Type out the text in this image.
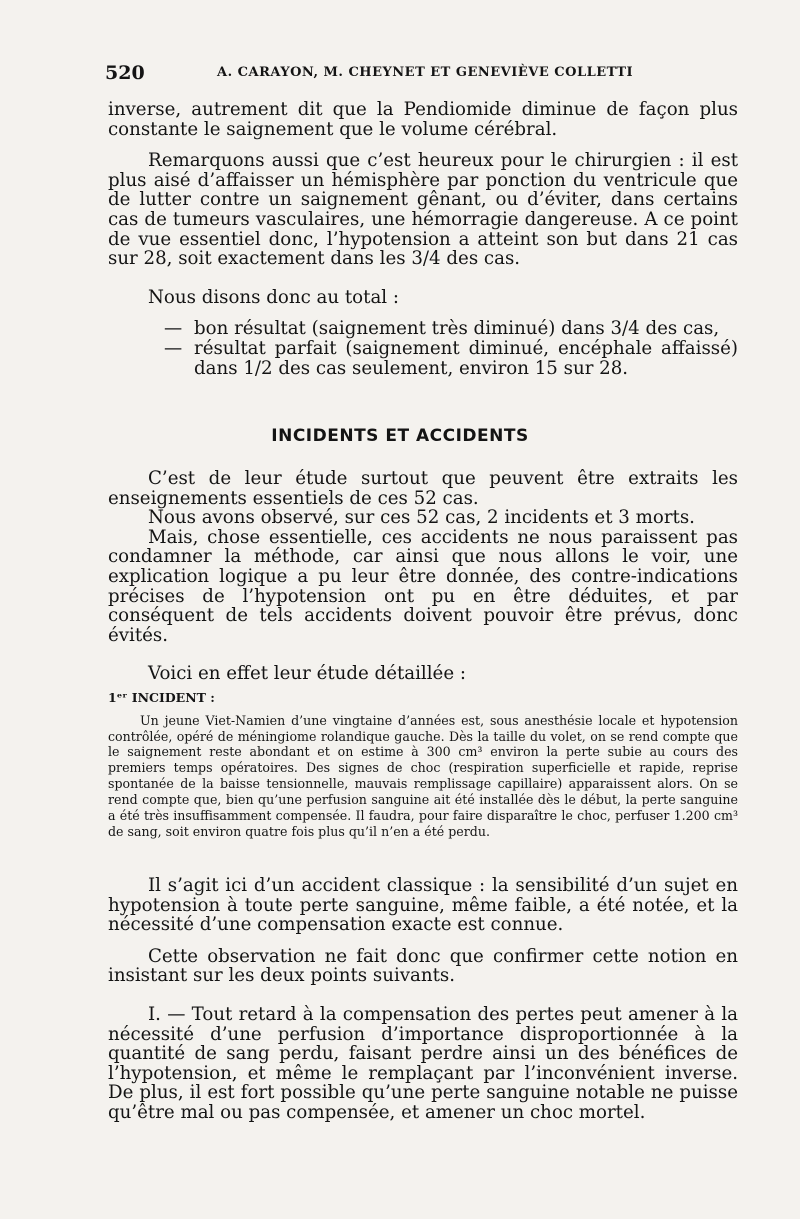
520	A. CARAYON, M. CHEYNET ET GENEVIÈVE COLLETTI

inverse, autrement dit que la Pendiomide diminue de façon plus constante le saignement que le volume cérébral.

Remarquons aussi que c’est heureux pour le chirurgien : il est plus aisé d’affaisser un hémisphère par ponction du ventricule que de lutter contre un saignement gênant, ou d’éviter, dans certains cas de tumeurs vasculaires, une hémorragie dangereuse. A ce point de vue essentiel donc, l’hypotension a atteint son but dans 21 cas sur 28, soit exactement dans les 3/4 des cas.

Nous disons donc au total :

— bon résultat (saignement très diminué) dans 3/4 des cas,
— résultat parfait (saignement diminué, encéphale affaissé) dans 1/2 des cas seulement, environ 15 sur 28.
INCIDENTS ET ACCIDENTS

C’est de leur étude surtout que peuvent être extraits les enseignements essentiels de ces 52 cas.

Nous avons observé, sur ces 52 cas, 2 incidents et 3 morts.

Mais, chose essentielle, ces accidents ne nous paraissent pas condamner la méthode, car ainsi que nous allons le voir, une explication logique a pu leur être donnée, des contre-indications précises de l’hypotension ont pu en être déduites, et par conséquent de tels accidents doivent pouvoir être prévus, donc évités.

Voici en effet leur étude détaillée :

1ᵉʳ INCIDENT :

Un jeune Viet-Namien d’une vingtaine d’années est, sous anesthésie locale et hypotension contrôlée, opéré de méningiome rolandique gauche. Dès la taille du volet, on se rend compte que le saignement reste abondant et on estime à 300 cm³ environ la perte subie au cours des premiers temps opératoires. Des signes de choc (respiration superficielle et rapide, reprise spontanée de la baisse tensionnelle, mauvais remplissage capillaire) apparaissent alors. On se rend compte que, bien qu’une perfusion sanguine ait été installée dès le début, la perte sanguine a été très insuffisamment compensée. Il faudra, pour faire disparaître le choc, perfuser 1.200 cm³ de sang, soit environ quatre fois plus qu’il n’en a été perdu.

Il s’agit ici d’un accident classique : la sensibilité d’un sujet en hypotension à toute perte sanguine, même faible, a été notée, et la nécessité d’une compensation exacte est connue.

Cette observation ne fait donc que confirmer cette notion en insistant sur les deux points suivants.

I. — Tout retard à la compensation des pertes peut amener à la nécessité d’une perfusion d’importance disproportionnée à la quantité de sang perdu, faisant perdre ainsi un des bénéfices de l’hypotension, et même le remplaçant par l’inconvénient inverse. De plus, il est fort possible qu’une perte sanguine notable ne puisse qu’être mal ou pas compensée, et amener un choc mortel.
